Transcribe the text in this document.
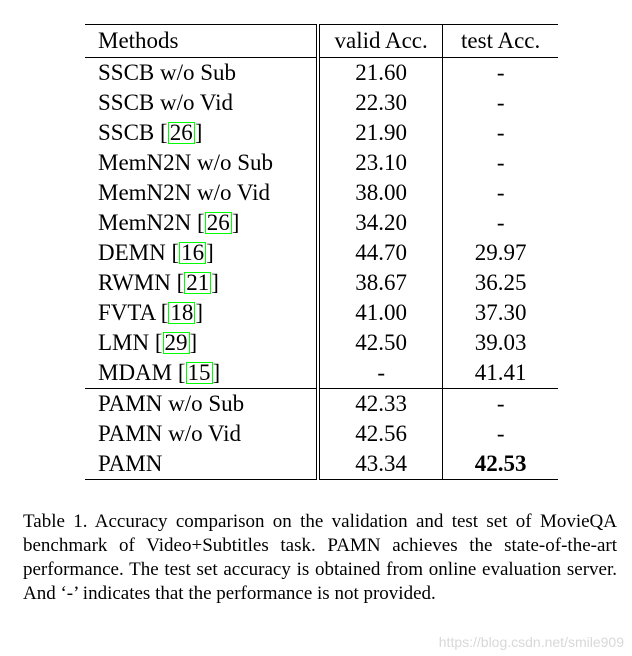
Methods	valid Acc.	test Acc.
SSCB w/o Sub	21.60	-
SSCB w/o Vid	22.30	-
SSCB [26]	21.90	-
MemN2N w/o Sub	23.10	-
MemN2N w/o Vid	38.00	-
MemN2N [26]	34.20	-
DEMN [16]	44.70	29.97
RWMN [21]	38.67	36.25
FVTA [18]	41.00	37.30
LMN [29]	42.50	39.03
MDAM [15]	-	41.41
PAMN w/o Sub	42.33	-
PAMN w/o Vid	42.56	-
PAMN	43.34	42.53

Table 1. Accuracy comparison on the validation and test set of MovieQA benchmark of Video+Subtitles task. PAMN achieves the state-of-the-art performance. The test set accuracy is obtained from online evaluation server. And ‘-’ indicates that the performance is not provided.

https://blog.csdn.net/smile909
